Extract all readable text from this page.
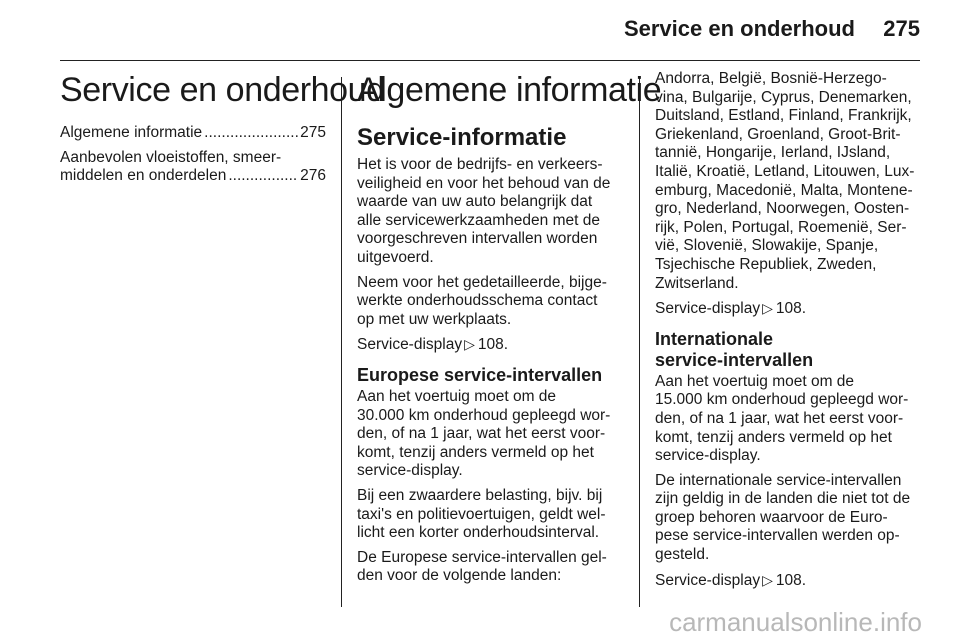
Service en onderhoud 275
Service en onderhoud
Algemene informatie .....	275
Aanbevolen vloeistoffen, smeer-
middelen en onderdelen .....	276
Algemene informatie
Service-informatie

Het is voor de bedrijfs- en verkeers-
veiligheid en voor het behoud van de
waarde van uw auto belangrijk dat
alle servicewerkzaamheden met de
voorgeschreven intervallen worden
uitgevoerd.

Neem voor het gedetailleerde, bijge-
werkte onderhoudsschema contact
op met uw werkplaats.

Service-display ▷ 108.

Europese service-intervallen

Aan het voertuig moet om de
30.000 km onderhoud gepleegd wor-
den, of na 1 jaar, wat het eerst voor-
komt, tenzij anders vermeld op het
service-display.

Bij een zwaardere belasting, bijv. bij
taxi's en politievoertuigen, geldt wel-
licht een korter onderhoudsinterval.

De Europese service-intervallen gel-
den voor de volgende landen:

Andorra, België, Bosnië-Herzego-
vina, Bulgarije, Cyprus, Denemarken,
Duitsland, Estland, Finland, Frankrijk,
Griekenland, Groenland, Groot-Brit-
tannië, Hongarije, Ierland, IJsland,
Italië, Kroatië, Letland, Litouwen, Lux-
emburg, Macedonië, Malta, Montene-
gro, Nederland, Noorwegen, Oosten-
rijk, Polen, Portugal, Roemenië, Ser-
vië, Slovenië, Slowakije, Spanje,
Tsjechische Republiek, Zweden,
Zwitserland.

Service-display ▷ 108.

Internationale
service-intervallen

Aan het voertuig moet om de
15.000 km onderhoud gepleegd wor-
den, of na 1 jaar, wat het eerst voor-
komt, tenzij anders vermeld op het
service-display.

De internationale service-intervallen
zijn geldig in de landen die niet tot de
groep behoren waarvoor de Euro-
pese service-intervallen werden op-
gesteld.

Service-display ▷ 108.

carmanualsonline.info
